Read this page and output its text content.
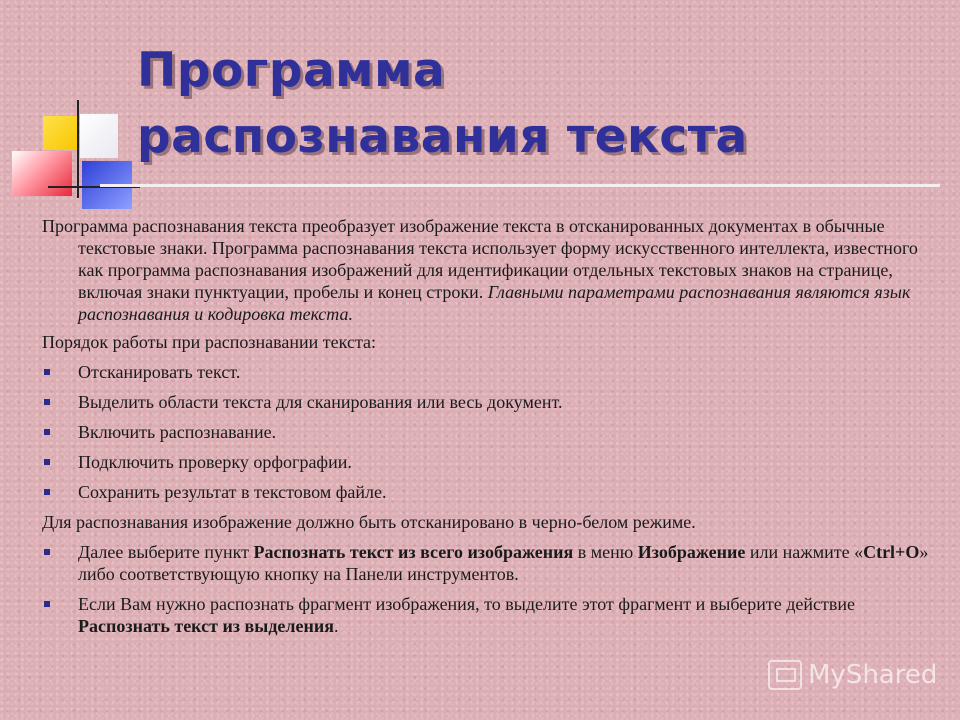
Программа
распознавания текста

Программа распознавания текста преобразует изображение текста в отсканированных документах в обычные текстовые знаки. Программа распознавания текста использует форму искусственного интеллекта, известного как программа распознавания изображений для идентификации отдельных текстовых знаков на странице, включая знаки пунктуации, пробелы и конец строки. Главными параметрами распознавания являются язык распознавания и кодировка текста.

Порядок работы при распознавании текста:

Отсканировать текст.
Выделить области текста для сканирования или весь документ.
Включить распознавание.
Подключить проверку орфографии.
Сохранить результат в текстовом файле.

Для распознавания изображение должно быть отсканировано в черно-белом режиме.

Далее выберите пункт Распознать текст из всего изображения в меню Изображение или нажмите «Ctrl+O» либо соответствующую кнопку на Панели инструментов.
Если Вам нужно распознать фрагмент изображения, то выделите этот фрагмент и выберите действие Распознать текст из выделения.
MyShared
